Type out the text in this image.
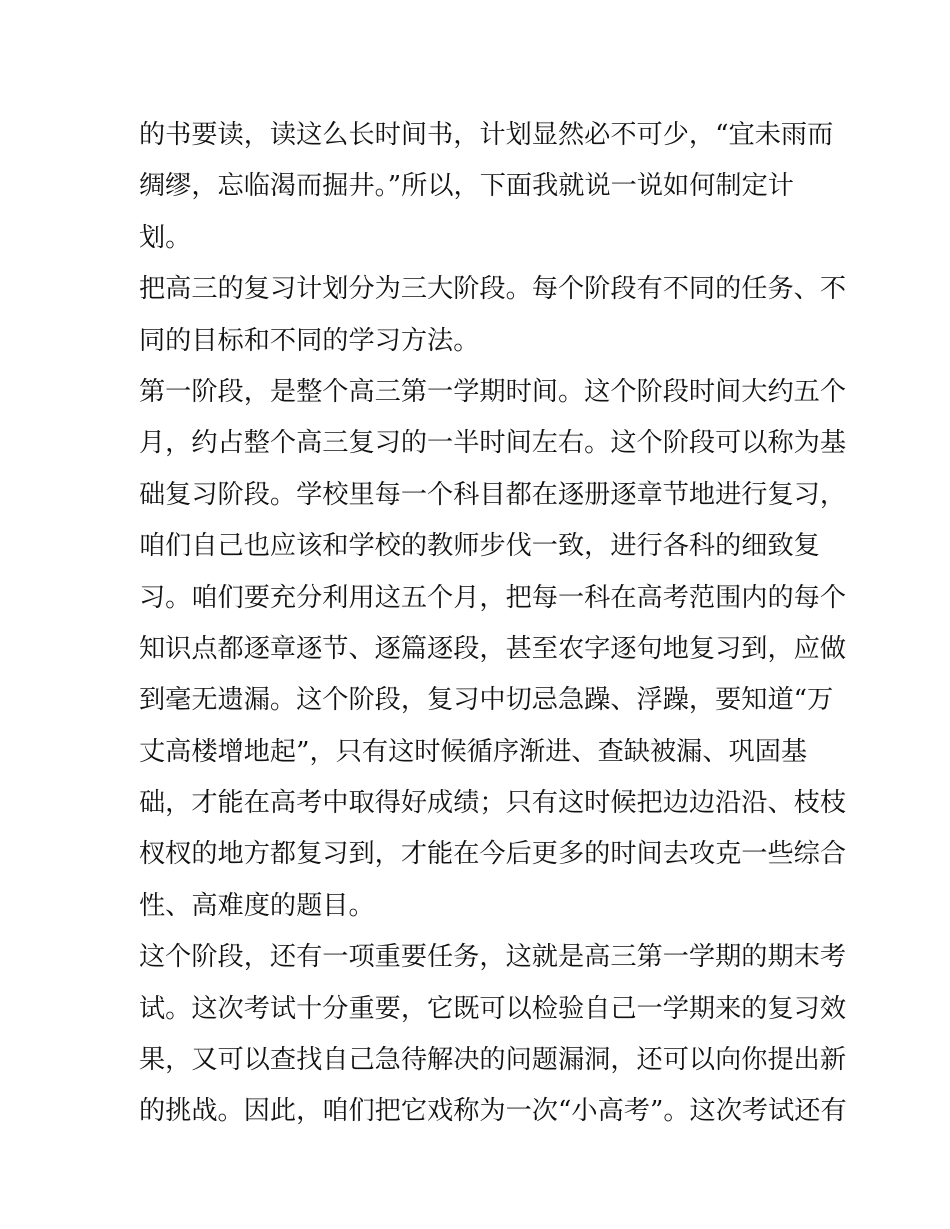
的书要读，读这么长时间书，计划显然必不可少，“宜未雨而
绸缪，忘临渴而掘井。”所以，下面我就说一说如何制定计
划。
把高三的复习计划分为三大阶段。每个阶段有不同的任务、不
同的目标和不同的学习方法。
第一阶段，是整个高三第一学期时间。这个阶段时间大约五个
月，约占整个高三复习的一半时间左右。这个阶段可以称为基
础复习阶段。学校里每一个科目都在逐册逐章节地进行复习，
咱们自己也应该和学校的教师步伐一致，进行各科的细致复
习。咱们要充分利用这五个月，把每一科在高考范围内的每个
知识点都逐章逐节、逐篇逐段，甚至农字逐句地复习到，应做
到毫无遗漏。这个阶段，复习中切忌急躁、浮躁，要知道“万
丈高楼增地起”，只有这时候循序渐进、查缺被漏、巩固基
础，才能在高考中取得好成绩；只有这时候把边边沿沿、枝枝
杈杈的地方都复习到，才能在今后更多的时间去攻克一些综合
性、高难度的题目。
这个阶段，还有一项重要任务，这就是高三第一学期的期末考
试。这次考试十分重要，它既可以检验自己一学期来的复习效
果，又可以查找自己急待解决的问题漏洞，还可以向你提出新
的挑战。因此，咱们把它戏称为一次“小高考”。这次考试还有
